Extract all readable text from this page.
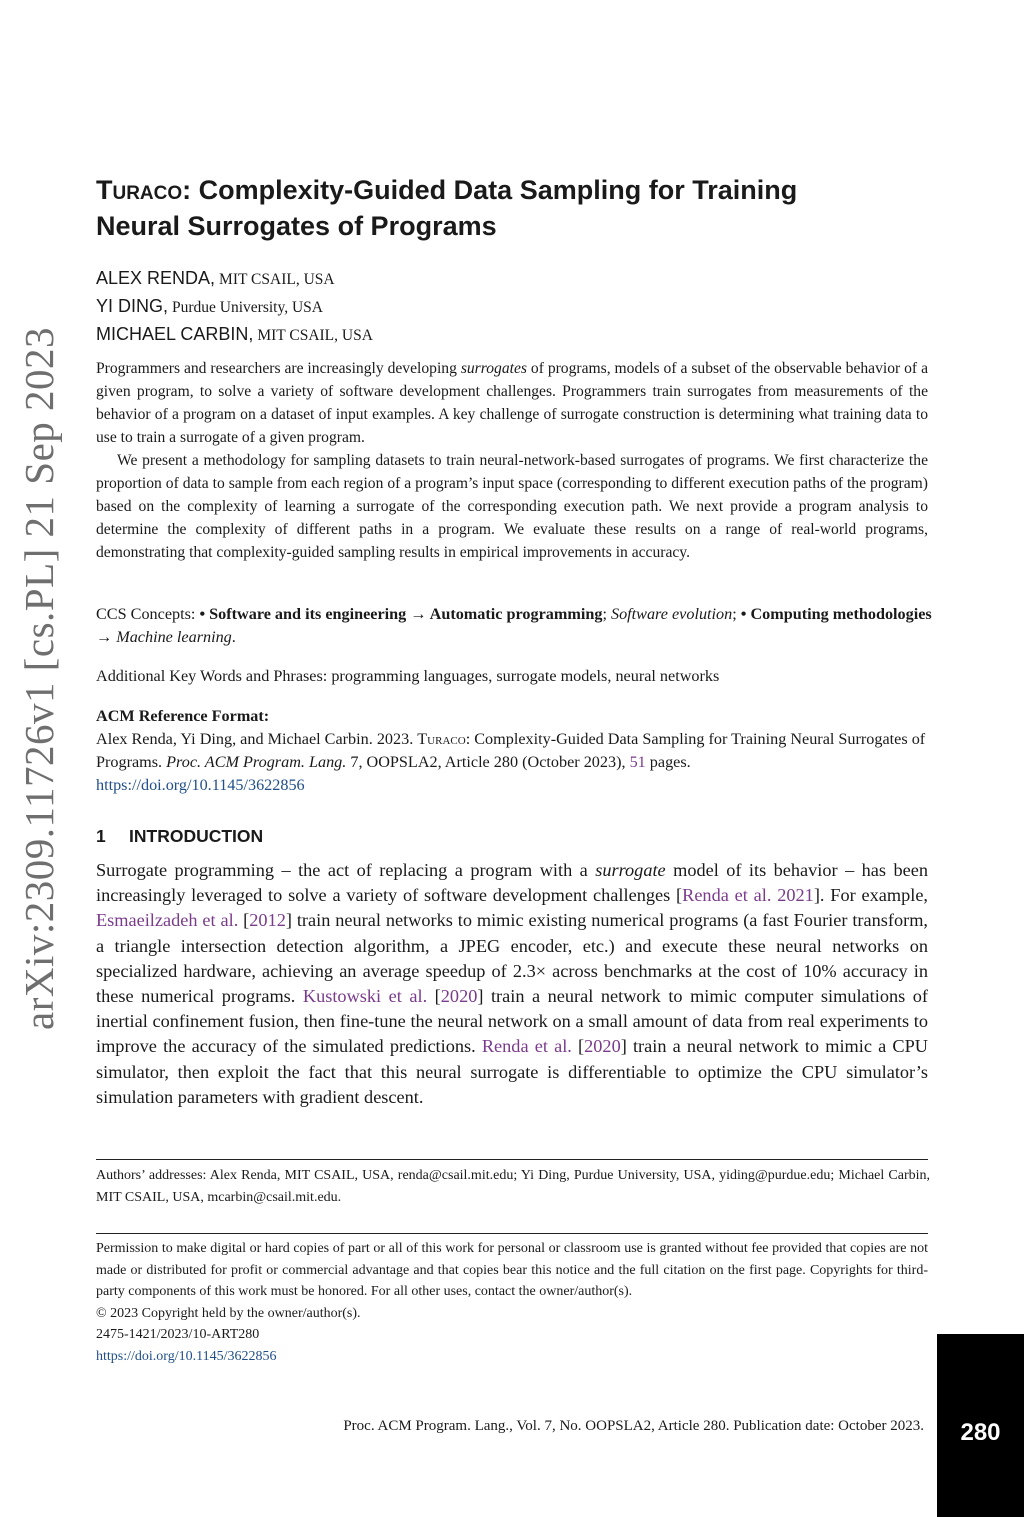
arXiv:2309.11726v1 [cs.PL] 21 Sep 2023
Turaco: Complexity-Guided Data Sampling for Training
Neural Surrogates of Programs
ALEX RENDA, MIT CSAIL, USA
YI DING, Purdue University, USA
MICHAEL CARBIN, MIT CSAIL, USA

Programmers and researchers are increasingly developing surrogates of programs, models of a subset of the observable behavior of a given program, to solve a variety of software development challenges. Programmers train surrogates from measurements of the behavior of a program on a dataset of input examples. A key challenge of surrogate construction is determining what training data to use to train a surrogate of a given program.

We present a methodology for sampling datasets to train neural-network-based surrogates of programs. We first characterize the proportion of data to sample from each region of a program’s input space (corresponding to different execution paths of the program) based on the complexity of learning a surrogate of the corresponding execution path. We next provide a program analysis to determine the complexity of different paths in a program. We evaluate these results on a range of real-world programs, demonstrating that complexity-guided sampling results in empirical improvements in accuracy.

CCS Concepts: • Software and its engineering → Automatic programming; Software evolution; • Computing methodologies → Machine learning.
Additional Key Words and Phrases: programming languages, surrogate models, neural networks
ACM Reference Format:
Alex Renda, Yi Ding, and Michael Carbin. 2023. Turaco: Complexity-Guided Data Sampling for Training Neural Surrogates of Programs. Proc. ACM Program. Lang. 7, OOPSLA2, Article 280 (October 2023), 51 pages.
https://doi.org/10.1145/3622856
1 INTRODUCTION
Surrogate programming – the act of replacing a program with a surrogate model of its behavior – has been increasingly leveraged to solve a variety of software development challenges [Renda et al. 2021]. For example, Esmaeilzadeh et al. [2012] train neural networks to mimic existing numerical programs (a fast Fourier transform, a triangle intersection detection algorithm, a JPEG encoder, etc.) and execute these neural networks on specialized hardware, achieving an average speedup of 2.3× across benchmarks at the cost of 10% accuracy in these numerical programs. Kustowski et al. [2020] train a neural network to mimic computer simulations of inertial confinement fusion, then fine-tune the neural network on a small amount of data from real experiments to improve the accuracy of the simulated predictions. Renda et al. [2020] train a neural network to mimic a CPU simulator, then exploit the fact that this neural surrogate is differentiable to optimize the CPU simulator’s simulation parameters with gradient descent.
Authors’ addresses: Alex Renda, MIT CSAIL, USA, renda@csail.mit.edu; Yi Ding, Purdue University, USA, yiding@purdue.edu; Michael Carbin, MIT CSAIL, USA, mcarbin@csail.mit.edu.
Permission to make digital or hard copies of part or all of this work for personal or classroom use is granted without fee provided that copies are not made or distributed for profit or commercial advantage and that copies bear this notice and the full citation on the first page. Copyrights for third-party components of this work must be honored. For all other uses, contact the owner/author(s).
© 2023 Copyright held by the owner/author(s).
2475-1421/2023/10-ART280
https://doi.org/10.1145/3622856
Proc. ACM Program. Lang., Vol. 7, No. OOPSLA2, Article 280. Publication date: October 2023.	280
